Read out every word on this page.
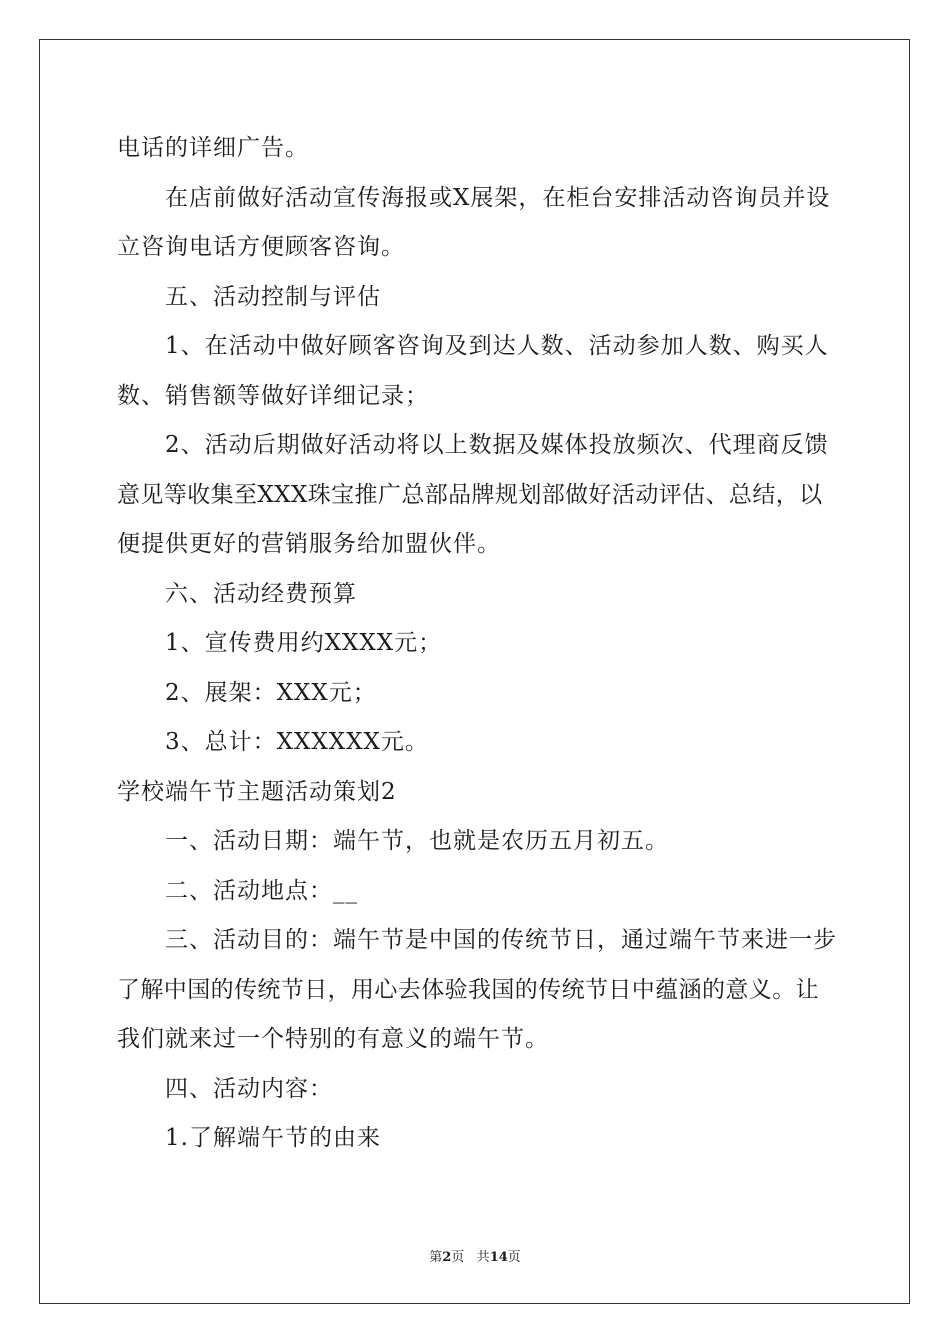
电话的详细广告。
在店前做好活动宣传海报或X展架，在柜台安排活动咨询员并设
立咨询电话方便顾客咨询。
五、活动控制与评估
1、在活动中做好顾客咨询及到达人数、活动参加人数、购买人
数、销售额等做好详细记录；
2、活动后期做好活动将以上数据及媒体投放频次、代理商反馈
意见等收集至XXX珠宝推广总部品牌规划部做好活动评估、总结，以
便提供更好的营销服务给加盟伙伴。
六、活动经费预算
1、宣传费用约XXXX元；
2、展架：XXX元；
3、总计：XXXXXX元。
学校端午节主题活动策划2
一、活动日期：端午节，也就是农历五月初五。
二、活动地点：__
三、活动目的：端午节是中国的传统节日，通过端午节来进一步
了解中国的传统节日，用心去体验我国的传统节日中蕴涵的意义。让
我们就来过一个特别的有意义的端午节。
四、活动内容：
1.了解端午节的由来
第2页 共14页
